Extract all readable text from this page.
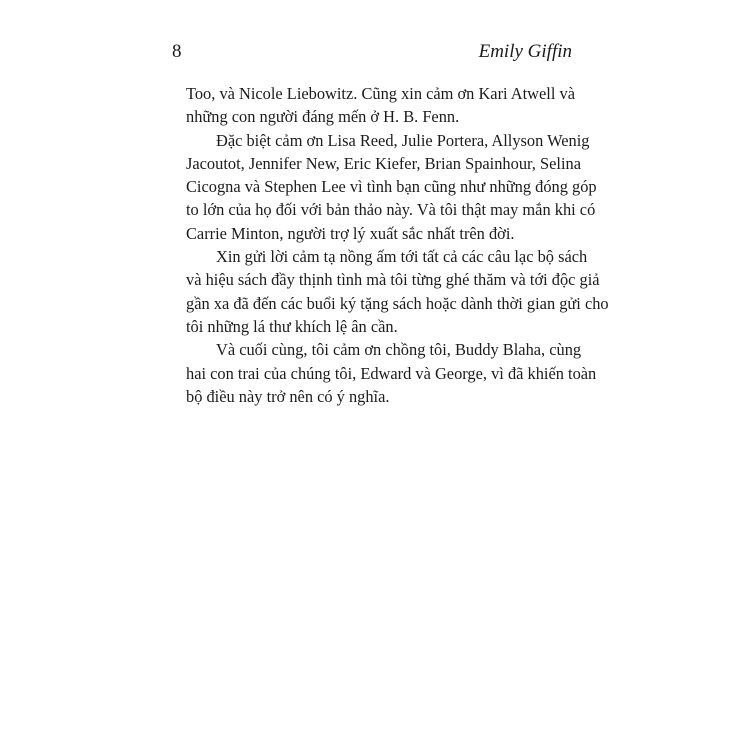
8	Emily Giffin

Too, và Nicole Liebowitz. Cũng xin cảm ơn Kari Atwell và
những con người đáng mến ở H. B. Fenn.

Đặc biệt cảm ơn Lisa Reed, Julie Portera, Allyson Wenig
Jacoutot, Jennifer New, Eric Kiefer, Brian Spainhour, Selina
Cicogna và Stephen Lee vì tình bạn cũng như những đóng góp
to lớn của họ đối với bản thảo này. Và tôi thật may mắn khi có
Carrie Minton, người trợ lý xuất sắc nhất trên đời.

Xin gửi lời cảm tạ nồng ấm tới tất cả các câu lạc bộ sách
và hiệu sách đầy thịnh tình mà tôi từng ghé thăm và tới độc giả
gần xa đã đến các buổi ký tặng sách hoặc dành thời gian gửi cho
tôi những lá thư khích lệ ân cần.

Và cuối cùng, tôi cảm ơn chồng tôi, Buddy Blaha, cùng
hai con trai của chúng tôi, Edward và George, vì đã khiến toàn
bộ điều này trở nên có ý nghĩa.
